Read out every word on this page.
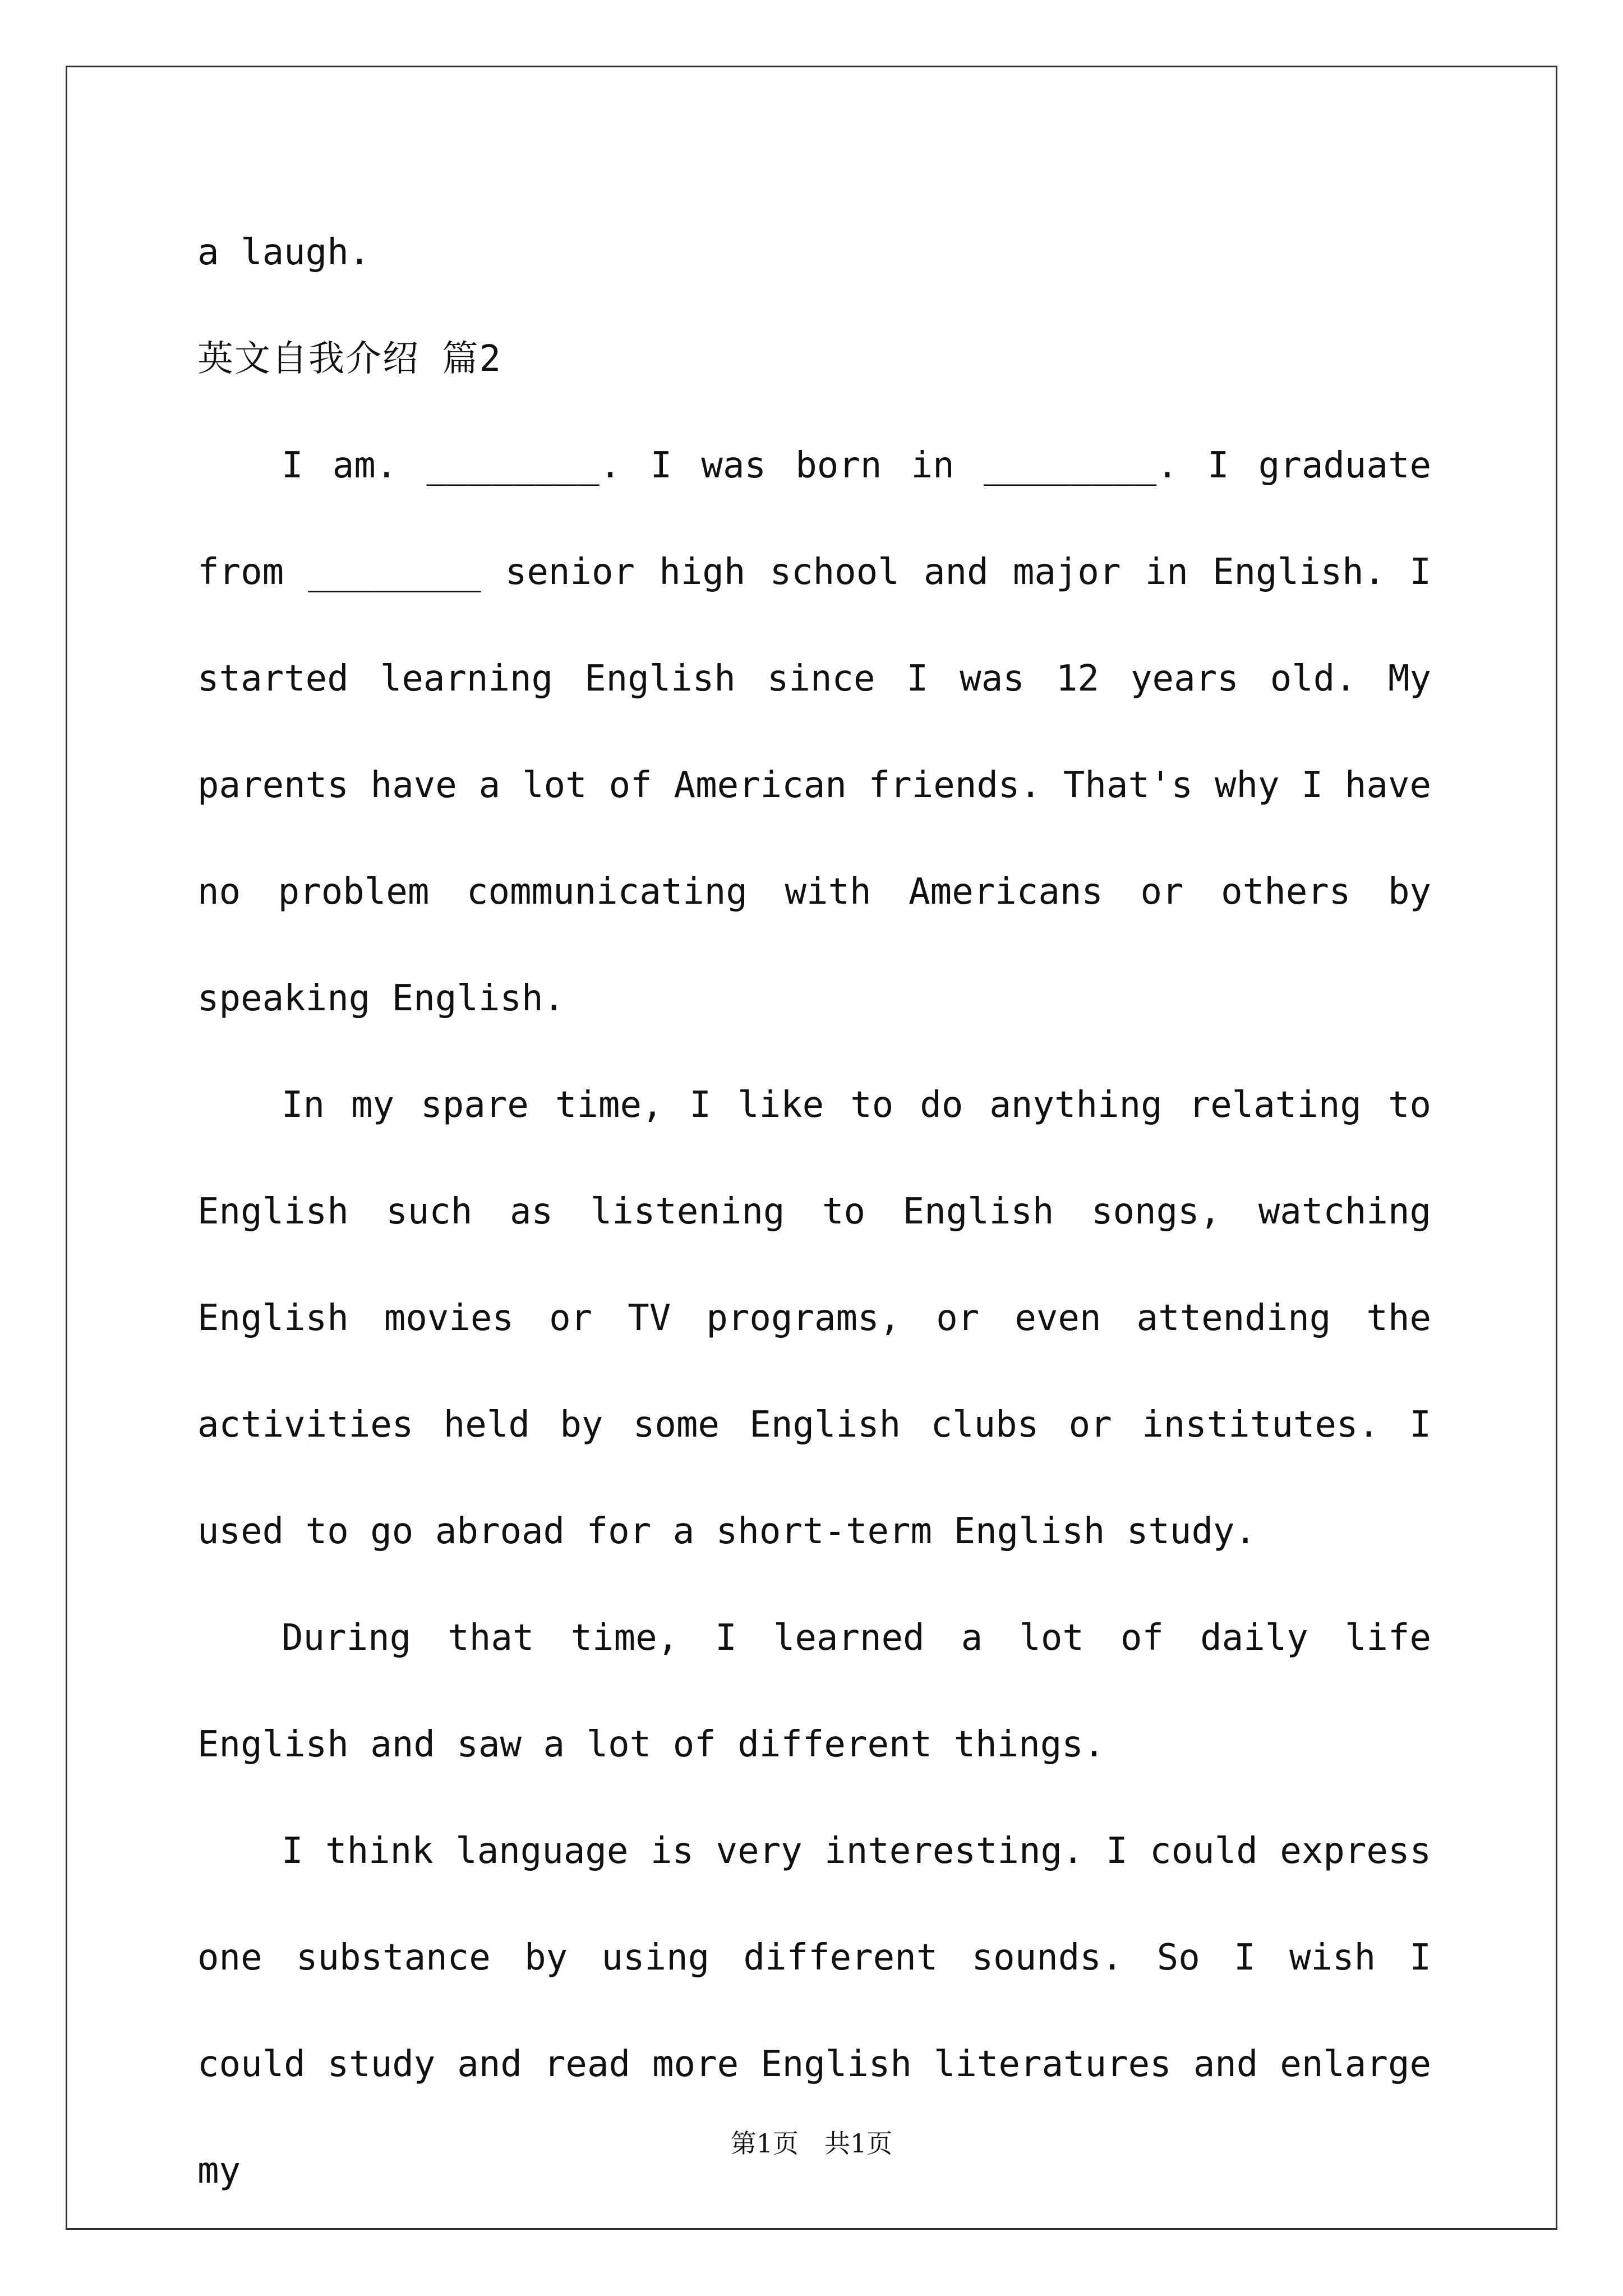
a laugh.

英文自我介绍 篇2

I am. ________. I was born in ________. I graduate from ________ senior high school and major in English. I started learning English since I was 12 years old. My parents have a lot of American friends. That's why I have no problem communicating with Americans or others by speaking English.

In my spare time, I like to do anything relating to English such as listening to English songs, watching English movies or TV programs, or even attending the activities held by some English clubs or institutes. I used to go abroad for a short-term English study.

During that time, I learned a lot of daily life English and saw a lot of different things.

I think language is very interesting. I could express one substance by using different sounds. So I wish I could study and read more English literatures and enlarge my

第1页　共1页
